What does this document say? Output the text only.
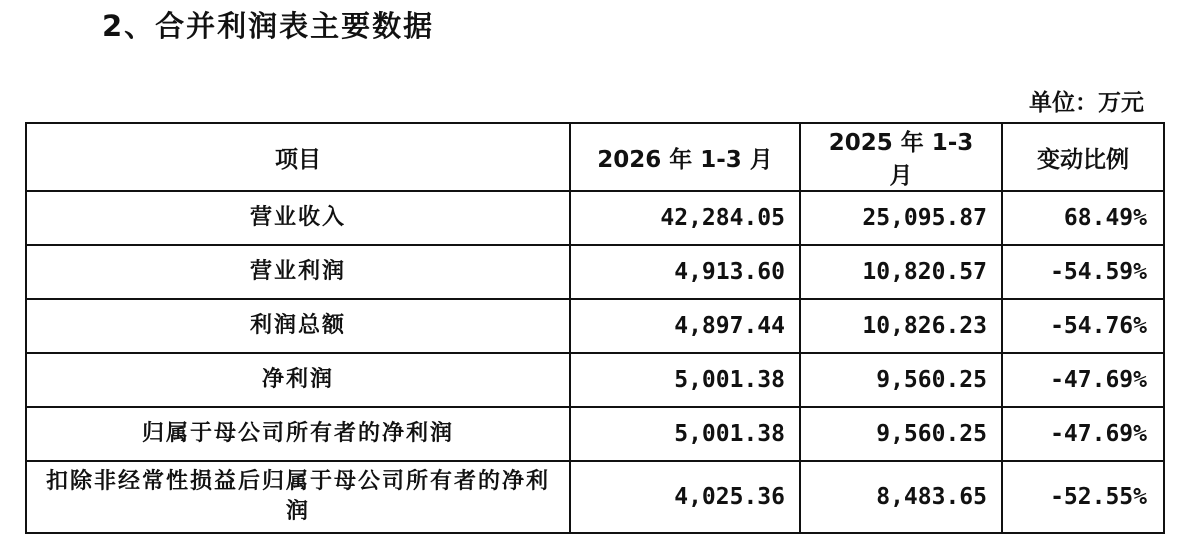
2、合并利润表主要数据
单位：万元
项目	2026 年 1-3 月	2025 年 1-3 月	变动比例
营业收入	42,284.05	25,095.87	68.49%
营业利润	4,913.60	10,820.57	-54.59%
利润总额	4,897.44	10,826.23	-54.76%
净利润	5,001.38	9,560.25	-47.69%
归属于母公司所有者的净利润	5,001.38	9,560.25	-47.69%
扣除非经常性损益后归属于母公司所有者的净利润	4,025.36	8,483.65	-52.55%
